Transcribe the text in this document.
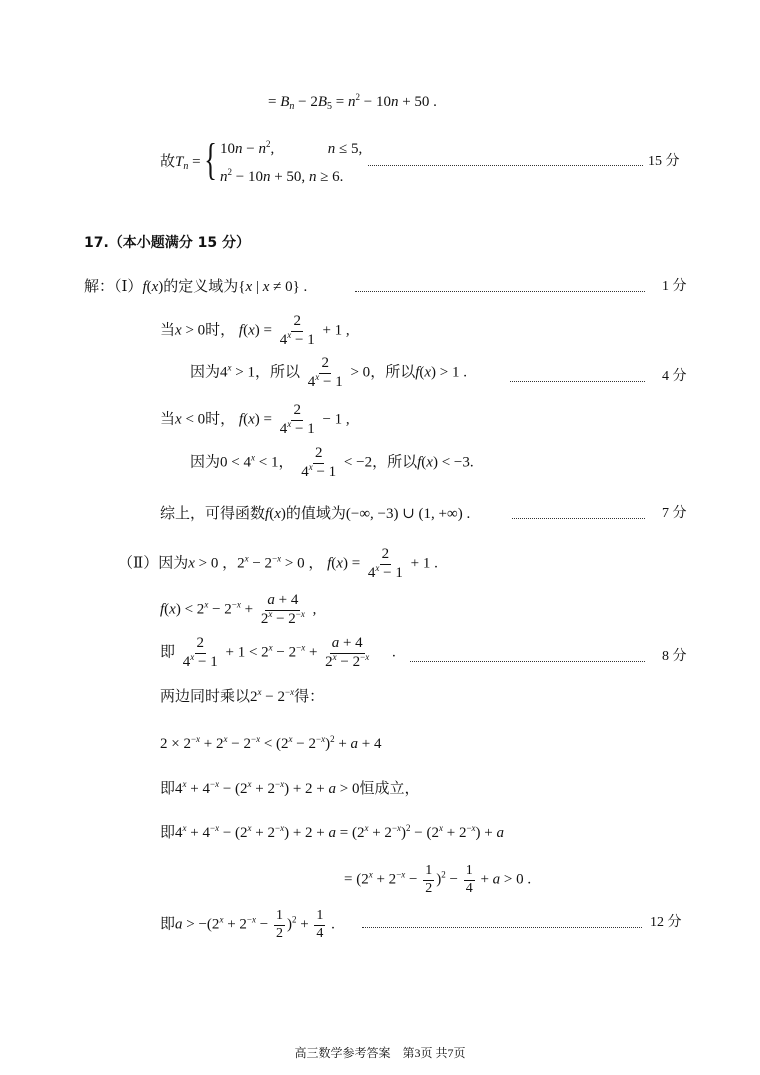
= $B_n - 2B_5 = n^2 - 10n + 50$ .
故$T_n$ = { $10n - n^2$,	n ≤ 5,
$n^2 - 10n + 50$, n ≥ 6.
15 分
17.（本小题满分 15 分）
解：（Ⅰ）f(x)的定义域为{x | x ≠ 0} .	1 分
当x > 0时， $f(x) = \frac{2}{4^x - 1} + 1$ ,
因为$4^x > 1$，所以 $\frac{2}{4^x - 1} > 0$，所以f(x) > 1 .	4 分
当x < 0时， $f(x) = \frac{2}{4^x - 1} - 1$ ,
因为$0 < 4^x < 1$， $\frac{2}{4^x - 1} < -2$，所以f(x) < −3.
综上，可得函数f(x)的值域为(−∞, −3) ∪ (1, +∞) .	7 分
（Ⅱ）因为x > 0 ，$2^x - 2^{-x} > 0$ ， $f(x) = \frac{2}{4^x - 1} + 1$ .
$f(x) < 2^x - 2^{-x} + \frac{a + 4}{2^x - 2^{-x}}$ ,
即 $\frac{2}{4^x - 1} + 1 < 2^x - 2^{-x} + \frac{a + 4}{2^x - 2^{-x}}$ 　.	8 分
两边同时乘以$2^x - 2^{-x}$得：
$2 \times 2^{-x} + 2^x - 2^{-x} < (2^x - 2^{-x})^2 + a + 4$
即$4^x + 4^{-x} - (2^x + 2^{-x}) + 2 + a > 0$恒成立，
即$4^x + 4^{-x} - (2^x + 2^{-x}) + 2 + a = (2^x + 2^{-x})^2 - (2^x + 2^{-x}) + a$
= $(2^x + 2^{-x} - \frac{1}{2} )^2 - \frac{1}{4} + a > 0$ .
即$a > -(2^x + 2^{-x} - \frac{1}{2} )^2 + \frac{1}{4}$ .	12 分
高三数学参考答案　第3页 共7页
